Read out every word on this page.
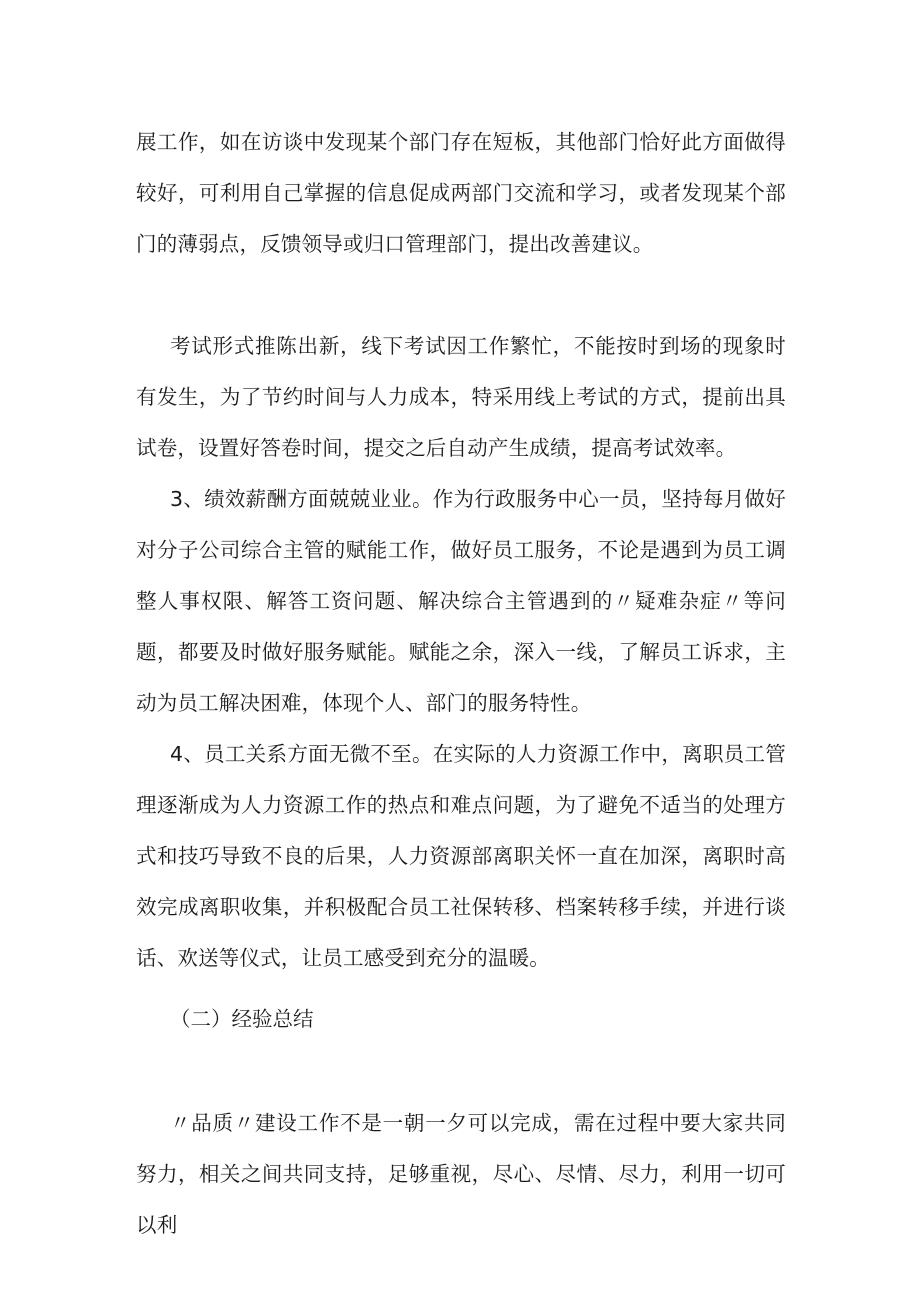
展工作，如在访谈中发现某个部门存在短板，其他部门恰好此方面做得较好，可利用自己掌握的信息促成两部门交流和学习，或者发现某个部门的薄弱点，反馈领导或归口管理部门，提出改善建议。

考试形式推陈出新，线下考试因工作繁忙，不能按时到场的现象时有发生，为了节约时间与人力成本，特采用线上考试的方式，提前出具试卷，设置好答卷时间，提交之后自动产生成绩，提高考试效率。

3、绩效薪酬方面兢兢业业。作为行政服务中心一员，坚持每月做好对分子公司综合主管的赋能工作，做好员工服务，不论是遇到为员工调整人事权限、解答工资问题、解决综合主管遇到的〃疑难杂症〃等问题，都要及时做好服务赋能。赋能之余，深入一线，了解员工诉求，主动为员工解决困难，体现个人、部门的服务特性。

4、员工关系方面无微不至。在实际的人力资源工作中，离职员工管理逐渐成为人力资源工作的热点和难点问题，为了避免不适当的处理方式和技巧导致不良的后果，人力资源部离职关怀一直在加深，离职时高效完成离职收集，并积极配合员工社保转移、档案转移手续，并进行谈话、欢送等仪式，让员工感受到充分的温暖。

（二）经验总结

〃品质〃建设工作不是一朝一夕可以完成，需在过程中要大家共同努力，相关之间共同支持，足够重视，尽心、尽情、尽力，利用一切可以利
